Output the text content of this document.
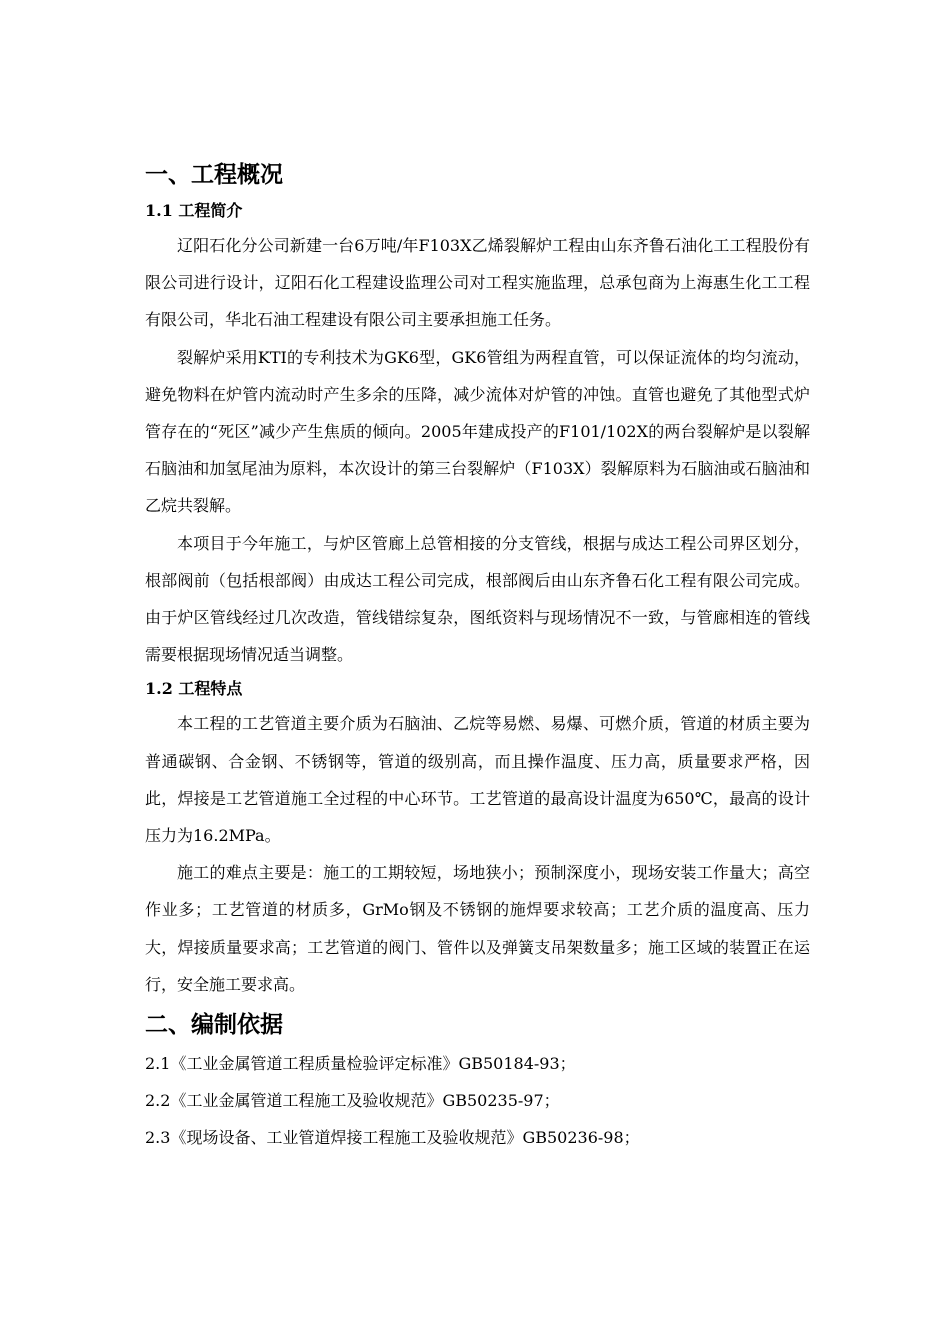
一、工程概况
1.1 工程简介

辽阳石化分公司新建一台6万吨/年F103X乙烯裂解炉工程由山东齐鲁石油化工工程股份有限公司进行设计，辽阳石化工程建设监理公司对工程实施监理，总承包商为上海惠生化工工程有限公司，华北石油工程建设有限公司主要承担施工任务。

裂解炉采用KTI的专利技术为GK6型，GK6管组为两程直管，可以保证流体的均匀流动，避免物料在炉管内流动时产生多余的压降，减少流体对炉管的冲蚀。直管也避免了其他型式炉管存在的“死区”减少产生焦质的倾向。2005年建成投产的F101/102X的两台裂解炉是以裂解石脑油和加氢尾油为原料，本次设计的第三台裂解炉（F103X）裂解原料为石脑油或石脑油和乙烷共裂解。

本项目于今年施工，与炉区管廊上总管相接的分支管线，根据与成达工程公司界区划分，根部阀前（包括根部阀）由成达工程公司完成，根部阀后由山东齐鲁石化工程有限公司完成。由于炉区管线经过几次改造，管线错综复杂，图纸资料与现场情况不一致，与管廊相连的管线需要根据现场情况适当调整。

1.2 工程特点

本工程的工艺管道主要介质为石脑油、乙烷等易燃、易爆、可燃介质，管道的材质主要为普通碳钢、合金钢、不锈钢等，管道的级别高，而且操作温度、压力高，质量要求严格，因此，焊接是工艺管道施工全过程的中心环节。工艺管道的最高设计温度为650℃，最高的设计压力为16.2MPa。

施工的难点主要是：施工的工期较短，场地狭小；预制深度小，现场安装工作量大；高空作业多；工艺管道的材质多，GrMo钢及不锈钢的施焊要求较高；工艺介质的温度高、压力大，焊接质量要求高；工艺管道的阀门、管件以及弹簧支吊架数量多；施工区域的装置正在运行，安全施工要求高。

二、编制依据

2.1《工业金属管道工程质量检验评定标准》GB50184-93；

2.2《工业金属管道工程施工及验收规范》GB50235-97；

2.3《现场设备、工业管道焊接工程施工及验收规范》GB50236-98；
